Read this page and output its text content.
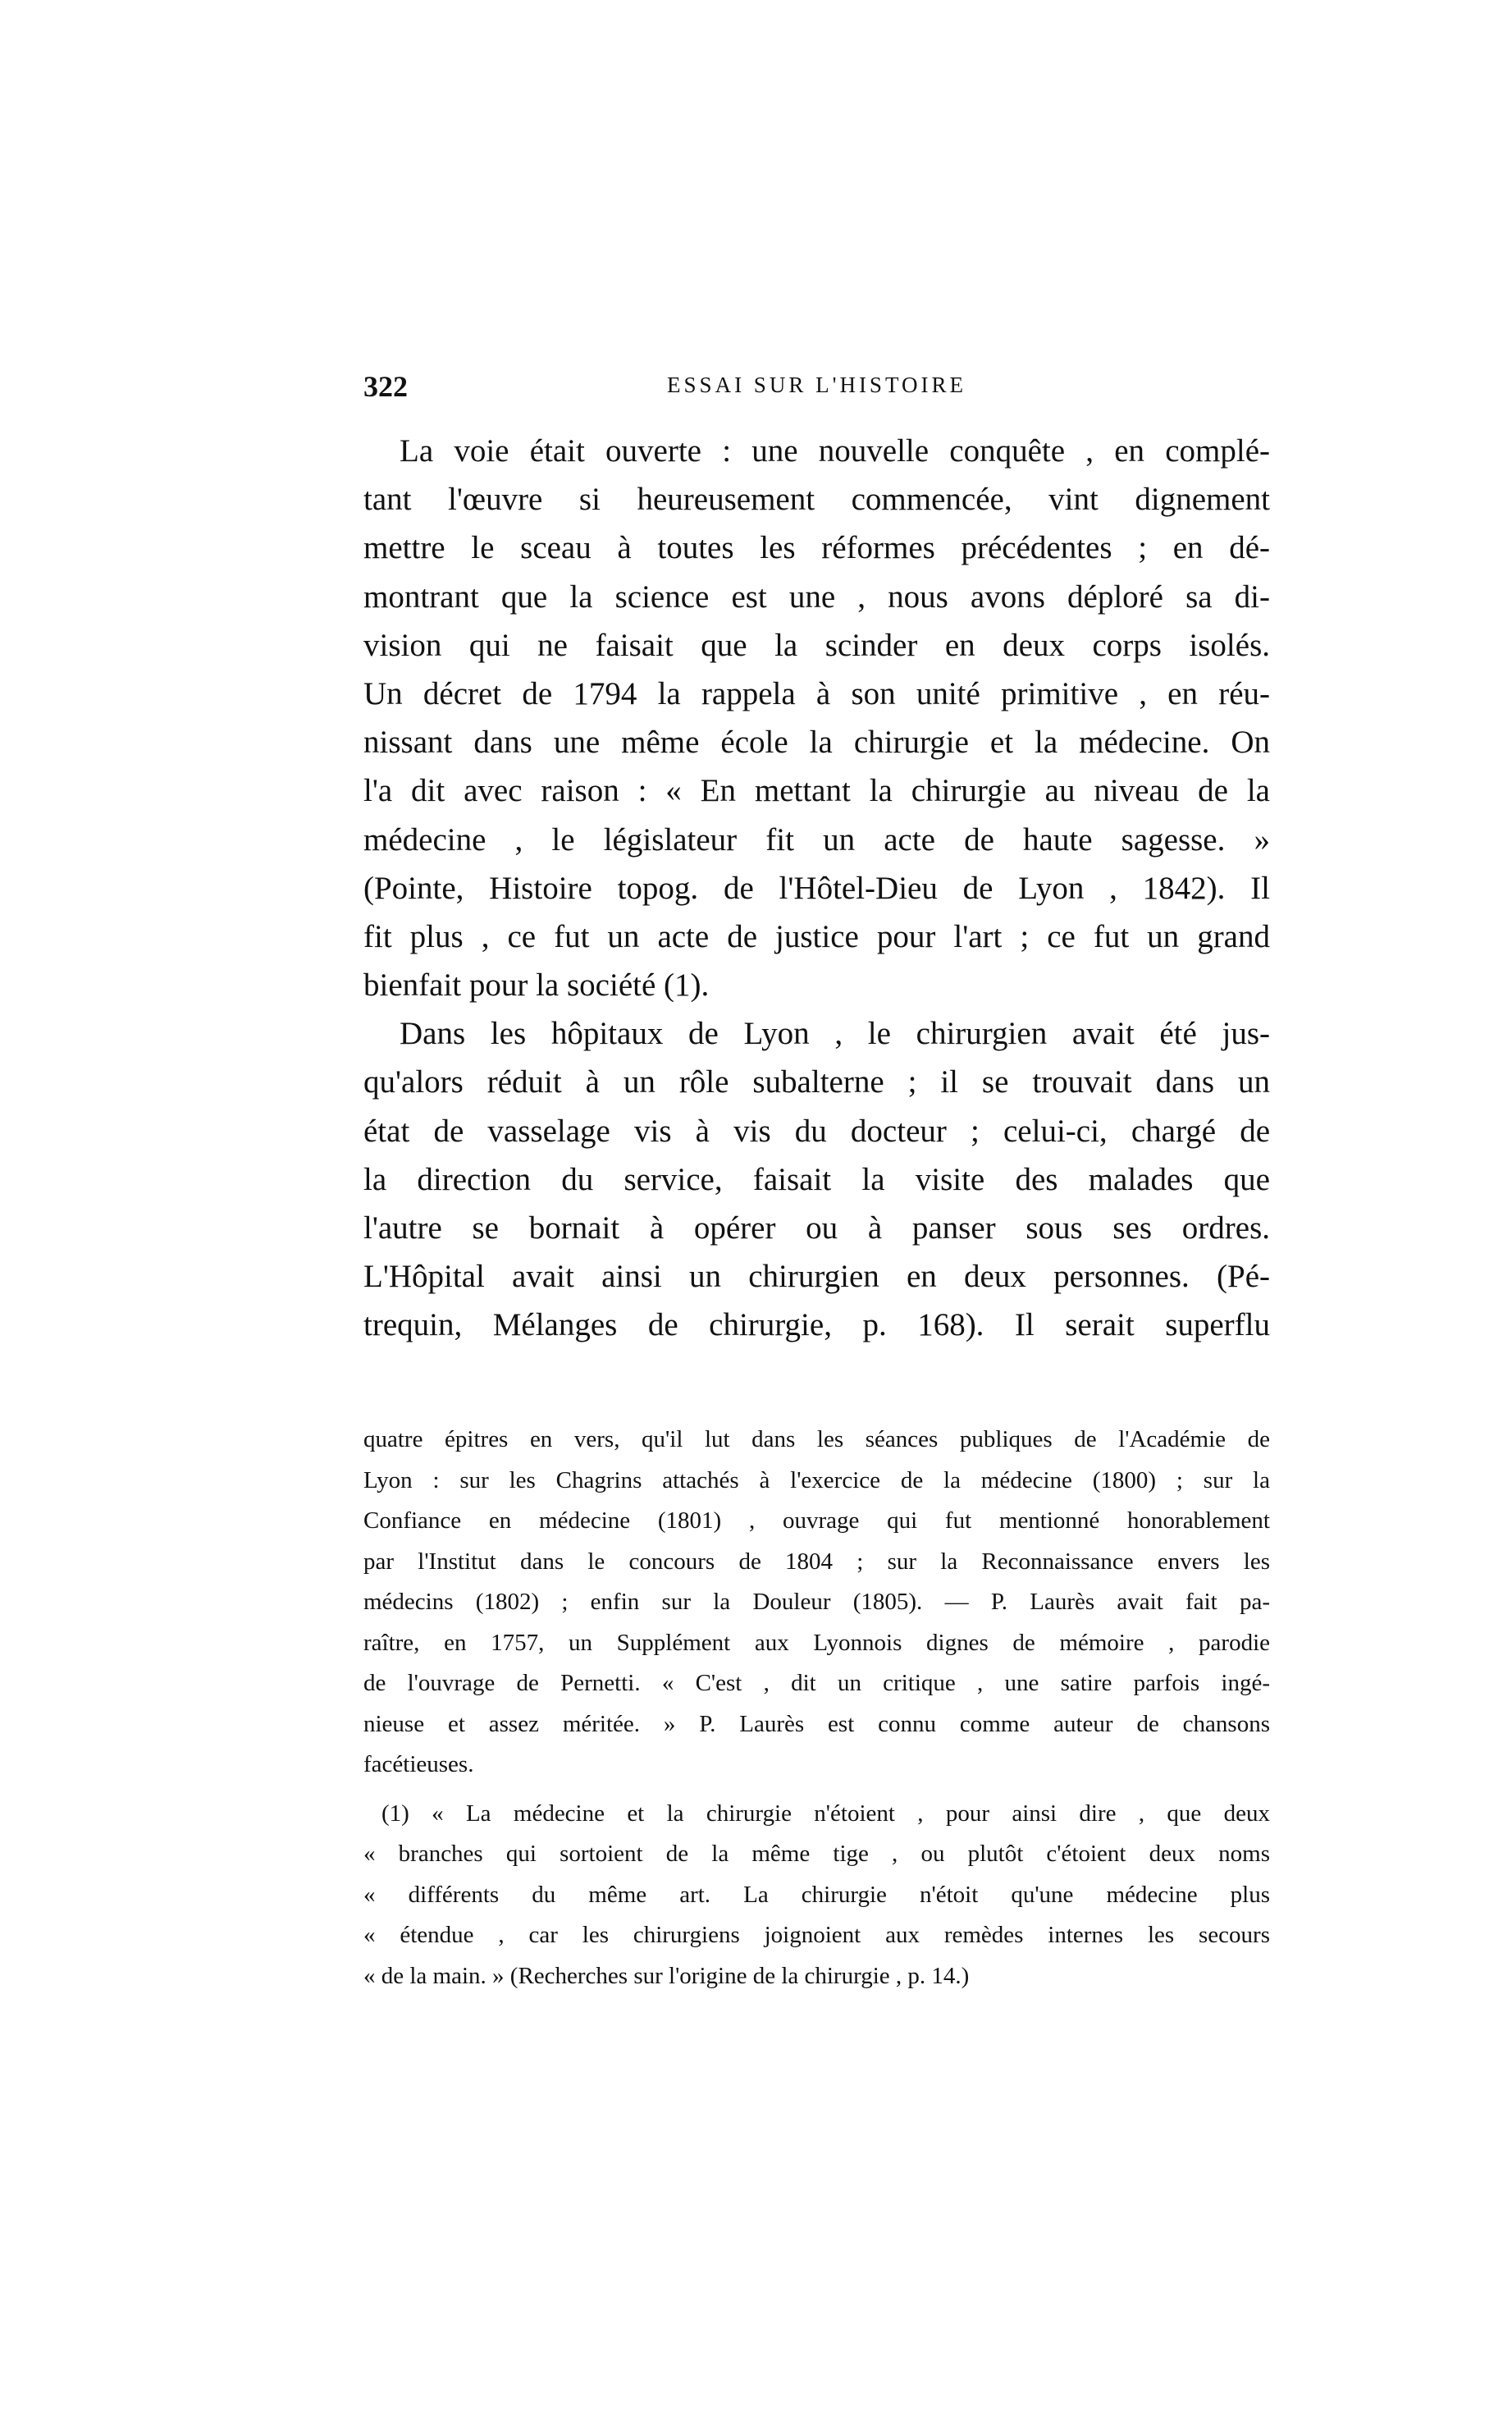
322	ESSAI SUR L'HISTOIRE
La voie était ouverte : une nouvelle conquête , en complé-
tant l'œuvre si heureusement commencée, vint dignement
mettre le sceau à toutes les réformes précédentes ; en dé-
montrant que la science est une , nous avons déploré sa di-
vision qui ne faisait que la scinder en deux corps isolés.
Un décret de 1794 la rappela à son unité primitive , en réu-
nissant dans une même école la chirurgie et la médecine. On
l'a dit avec raison : « En mettant la chirurgie au niveau de la
médecine , le législateur fit un acte de haute sagesse. »
(Pointe, Histoire topog. de l'Hôtel-Dieu de Lyon , 1842). Il
fit plus , ce fut un acte de justice pour l'art ; ce fut un grand
bienfait pour la société (1).
Dans les hôpitaux de Lyon , le chirurgien avait été jus-
qu'alors réduit à un rôle subalterne ; il se trouvait dans un
état de vasselage vis à vis du docteur ; celui-ci, chargé de
la direction du service, faisait la visite des malades que
l'autre se bornait à opérer ou à panser sous ses ordres.
L'Hôpital avait ainsi un chirurgien en deux personnes. (Pé-
trequin, Mélanges de chirurgie, p. 168). Il serait superflu
quatre épitres en vers, qu'il lut dans les séances publiques de l'Académie de
Lyon : sur les Chagrins attachés à l'exercice de la médecine (1800) ; sur la
Confiance en médecine (1801) , ouvrage qui fut mentionné honorablement
par l'Institut dans le concours de 1804 ; sur la Reconnaissance envers les
médecins (1802) ; enfin sur la Douleur (1805). — P. Laurès avait fait pa-
raître, en 1757, un Supplément aux Lyonnois dignes de mémoire , parodie
de l'ouvrage de Pernetti. « C'est , dit un critique , une satire parfois ingé-
nieuse et assez méritée. » P. Laurès est connu comme auteur de chansons
facétieuses.
(1) « La médecine et la chirurgie n'étoient , pour ainsi dire , que deux
« branches qui sortoient de la même tige , ou plutôt c'étoient deux noms
« différents du même art. La chirurgie n'étoit qu'une médecine plus
« étendue , car les chirurgiens joignoient aux remèdes internes les secours
« de la main. » (Recherches sur l'origine de la chirurgie , p. 14.)
